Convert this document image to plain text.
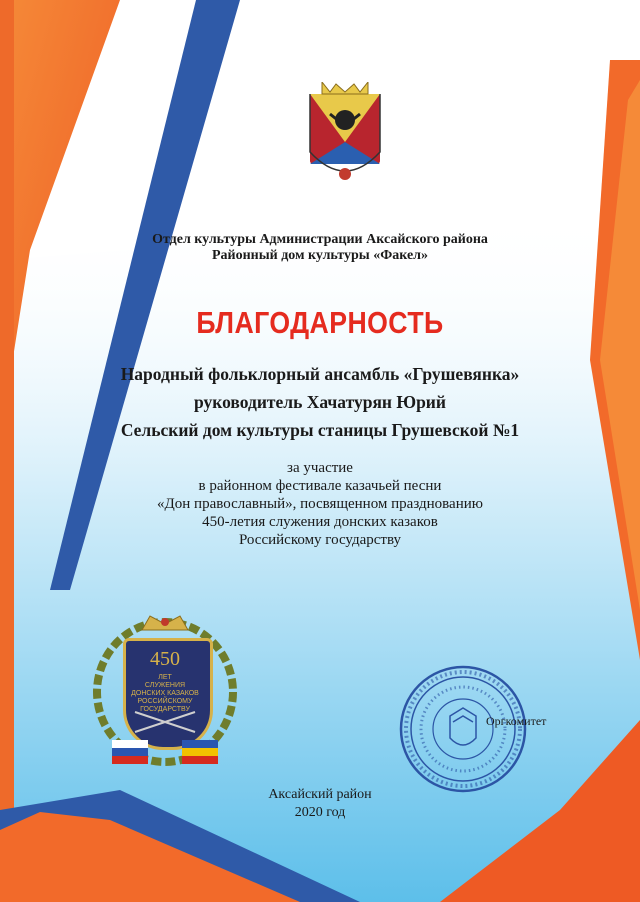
Отдел культуры Администрации Аксайского района
Районный дом культуры «Факел»
БЛАГОДАРНОСТЬ
Народный фольклорный ансамбль «Грушевянка»
руководитель Хачатурян Юрий
Сельский дом культуры станицы Грушевской №1
за участие
в районном фестивале казачьей песни
«Дон православный», посвященном празднованию
450-летия служения донских казаков
Российскому государству
450
ЛЕТ
СЛУЖЕНИЯ
ДОНСКИХ КАЗАКОВ
РОССИЙСКОМУ
ГОСУДАРСТВУ
Оргкомитет
Аксайский район
2020 год
